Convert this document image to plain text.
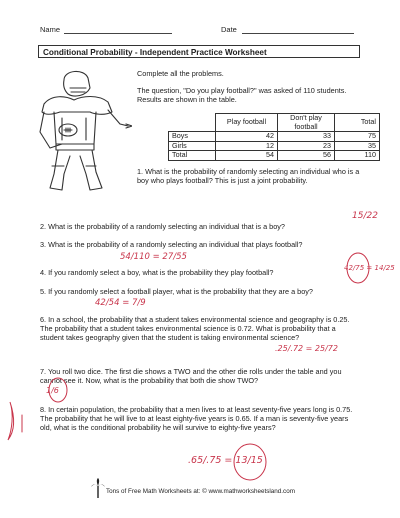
Name	Date
Conditional Probability - Independent Practice Worksheet
Complete all the problems.
The question, "Do you play football?" was asked of 110 students. Results are shown in the table.
	Play football	Don't play football	Total
Boys	42	33	75
Girls	12	23	35
Total	54	56	110
1. What is the probability of randomly selecting an individual who is a boy who plays football? This is just a joint probability.
2. What is the probability of a randomly selecting an individual that is a boy?
3. What is the probability of a randomly selecting an individual that plays football?
4. If you randomly select a boy, what is the probability they play football?
5. If you randomly select a football player, what is the probability that they are a boy?
6. In a school, the probability that a student takes environmental science and geography is 0.25. The probability that a student takes environmental science is 0.72. What is probability that a student takes geography given that the student is taking environmental science?
7. You roll two dice. The first die shows a TWO and the other die rolls under the table and you cannot see it. Now, what is the probability that both die show TWO?
8. In certain population, the probability that a men lives to at least seventy-five years long is 0.75. The probability that he will live to at least eighty-five years is 0.65. If a man is seventy-five years old, what is the conditional probability he will survive to eighty-five years?
15/22
54/110 = 27/55
42/75 = 14/25
42/54 = 7/9
.25/.72 = 25/72
1/6
.65/.75 = 13/15
Tons of Free Math Worksheets at: © www.mathworksheetsland.com
